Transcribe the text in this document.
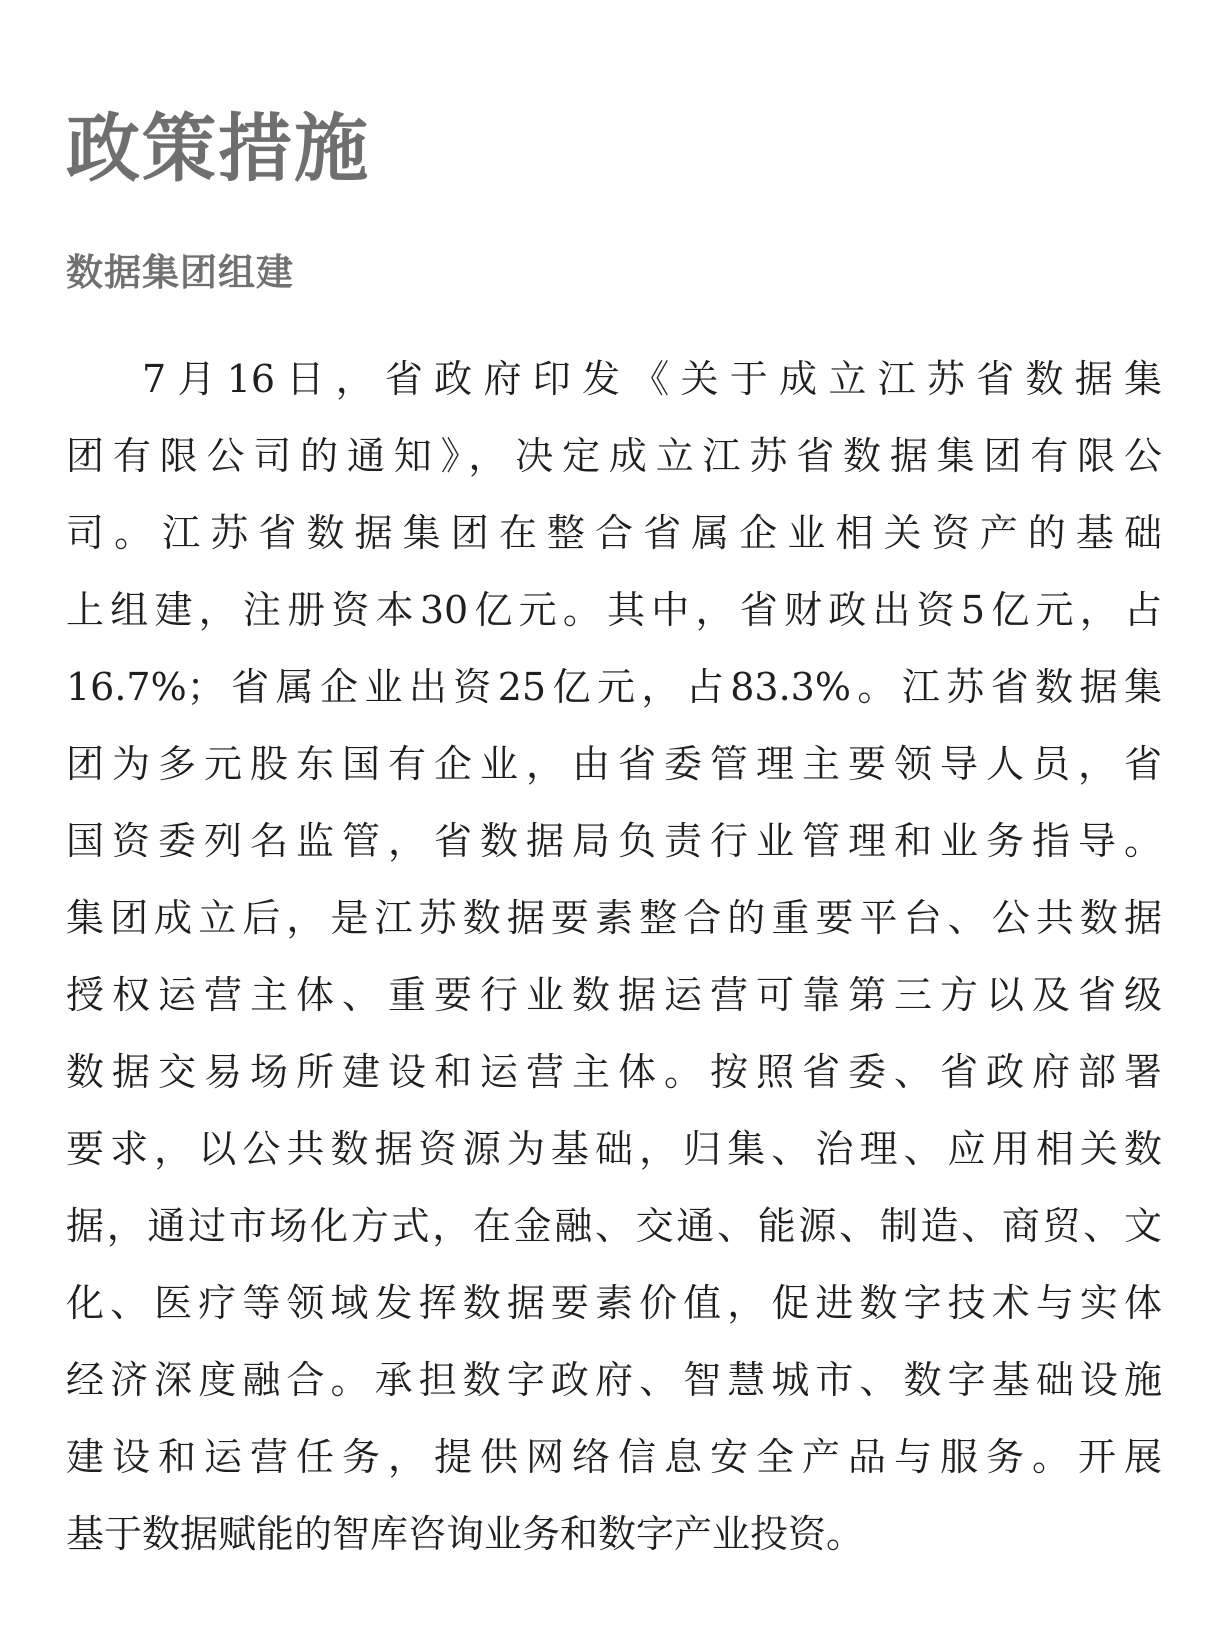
政策措施
数据集团组建
7月16日，省政府印发《关于成立江苏省数据集
团有限公司的通知》，决定成立江苏省数据集团有限公
司。江苏省数据集团在整合省属企业相关资产的基础
上组建，注册资本30亿元。其中，省财政出资5亿元，占
16.7%；省属企业出资25亿元，占83.3%。江苏省数据集
团为多元股东国有企业，由省委管理主要领导人员，省
国资委列名监管，省数据局负责行业管理和业务指导。
集团成立后，是江苏数据要素整合的重要平台、公共数据
授权运营主体、重要行业数据运营可靠第三方以及省级
数据交易场所建设和运营主体。按照省委、省政府部署
要求，以公共数据资源为基础，归集、治理、应用相关数
据，通过市场化方式，在金融、交通、能源、制造、商贸、文
化、医疗等领域发挥数据要素价值，促进数字技术与实体
经济深度融合。承担数字政府、智慧城市、数字基础设施
建设和运营任务，提供网络信息安全产品与服务。开展
基于数据赋能的智库咨询业务和数字产业投资。
